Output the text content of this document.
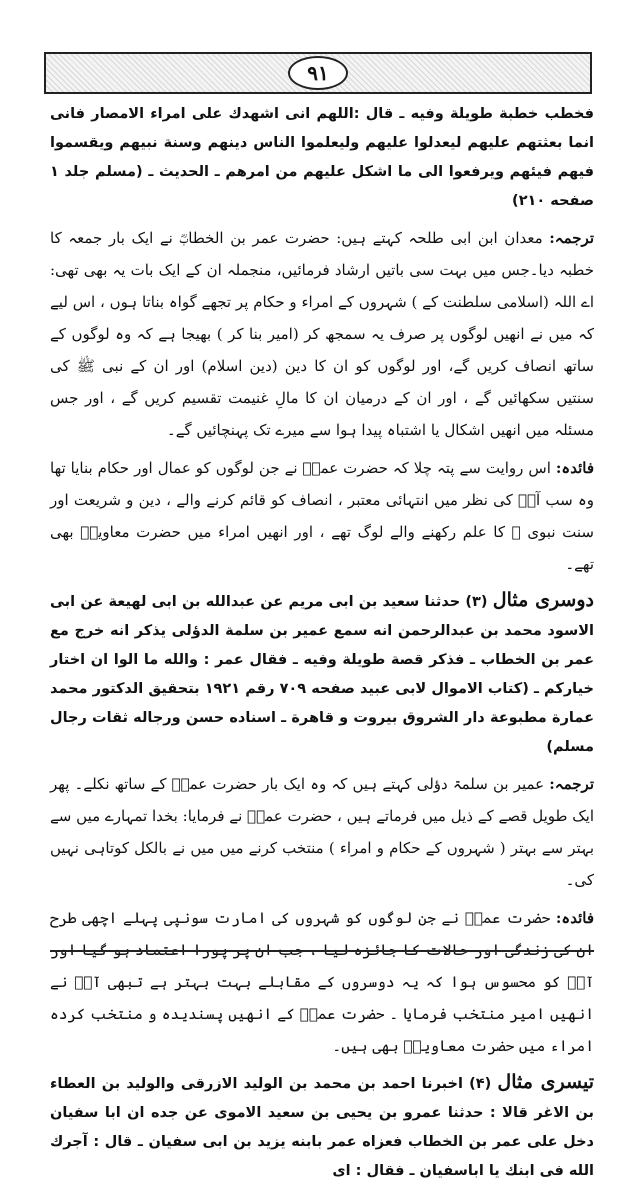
۹۱

فخطب خطبة طويلة وفيه ـ قال :اللهم انى اشهدك على امراء الامصار فانى انما بعثتهم عليهم ليعدلوا عليهم وليعلموا الناس دينهم وسنة نبيهم ويقسموا فيهم فيئهم ويرفعوا الى ما اشكل عليهم من امرهم ـ الحديث ـ (مسلم جلد ۱ صفحه ۲۱۰)

ترجمہ: معدان ابن ابی طلحہ کہتے ہیں: حضرت عمر بن الخطابؓ نے ایک بار جمعہ کا خطبہ دیا۔جس میں بہت سی باتیں ارشاد فرمائیں، منجملہ ان کے ایک بات یہ بھی تھی: اے اللہ (اسلامی سلطنت کے ) شہروں کے امراء و حکام پر تجھے گواہ بناتا ہوں ، اس لیے کہ میں نے انھیں لوگوں پر صرف یہ سمجھ کر (امیر بنا کر ) بھیجا ہے کہ وہ لوگوں کے ساتھ انصاف کریں گے، اور لوگوں کو ان کا دین (دین اسلام) اور ان کے نبی ﷺ کی سنتیں سکھائیں گے ، اور ان کے درمیان ان کا مالِ غنیمت تقسیم کریں گے ، اور جس مسئلہ میں انھیں اشکال یا اشتباہ پیدا ہوا سے میرے تک پہنچائیں گے۔

فائدہ: اس روایت سے پتہ چلا کہ حضرت عمرؓ نے جن لوگوں کو عمال اور حکام بنایا تھا وہ سب آپؓ کی نظر میں انتہائی معتبر ، انصاف کو قائم کرنے والے ، دین و شریعت اور سنت نبوی ﷺ کا علم رکھنے والے لوگ تھے ، اور انھیں امراء میں حضرت معاویہؓ بھی تھے۔

دوسری مثال (۳) حدثنا سعيد بن ابى مريم عن عبدالله بن ابى لهيعة عن ابى الاسود محمد بن عبدالرحمن انه سمع عمير بن سلمة الدؤلى يذكر انه خرج مع عمر بن الخطاب ـ فذكر قصة طويلة وفيه ـ فقال عمر : والله ما الوا ان اختار خياركم ـ (كتاب الاموال لابى عبيد صفحه ۷۰۹ رقم ۱۹۲۱ بتحقيق الدكتور محمد عمارة مطبوعة دار الشروق بيروت و قاهرة ـ اسناده حسن ورجاله ثقات رجال مسلم)

ترجمہ: عمیر بن سلمۃ دؤلی کہتے ہیں کہ وہ ایک بار حضرت عمرؓ کے ساتھ نکلے۔ پھر ایک طویل قصے کے ذیل میں فرماتے ہیں ، حضرت عمرؓ نے فرمایا: بخدا تمہارے میں سے بہتر سے بہتر ( شہروں کے حکام و امراء ) منتخب کرنے میں میں نے بالکل کوتاہی نہیں کی۔

فائدہ: حضرت عمرؓ نے جن لوگوں کو شہروں کی امارت سونپی پہلے اچھی طرح ان کی زندگی اور حالات کا جائزہ لیا ، جب ان پر پورا اعتماد ہو گیا اور آپؓ کو محسوس ہوا کہ یہ دوسروں کے مقابلے بہت بہتر ہے تبھی آپؓ نے انھیں امیر منتخب فرمایا ۔ حضرت عمرؓ کے انھیں پسندیدہ و منتخب کردہ امراء میں حضرت معاویہؓ بھی ہیں۔

تیسری مثال (۴) اخبرنا احمد بن محمد بن الوليد الازرقى والوليد بن العطاء بن الاغر قالا : حدثنا عمرو بن يحيى بن سعيد الاموى عن جده ان ابا سفيان دخل على عمر بن الخطاب فعزاه عمر بابنه يزيد بن ابى سفيان ـ قال : آجرك الله فى ابنك يا اباسفيان ـ فقال : اى
